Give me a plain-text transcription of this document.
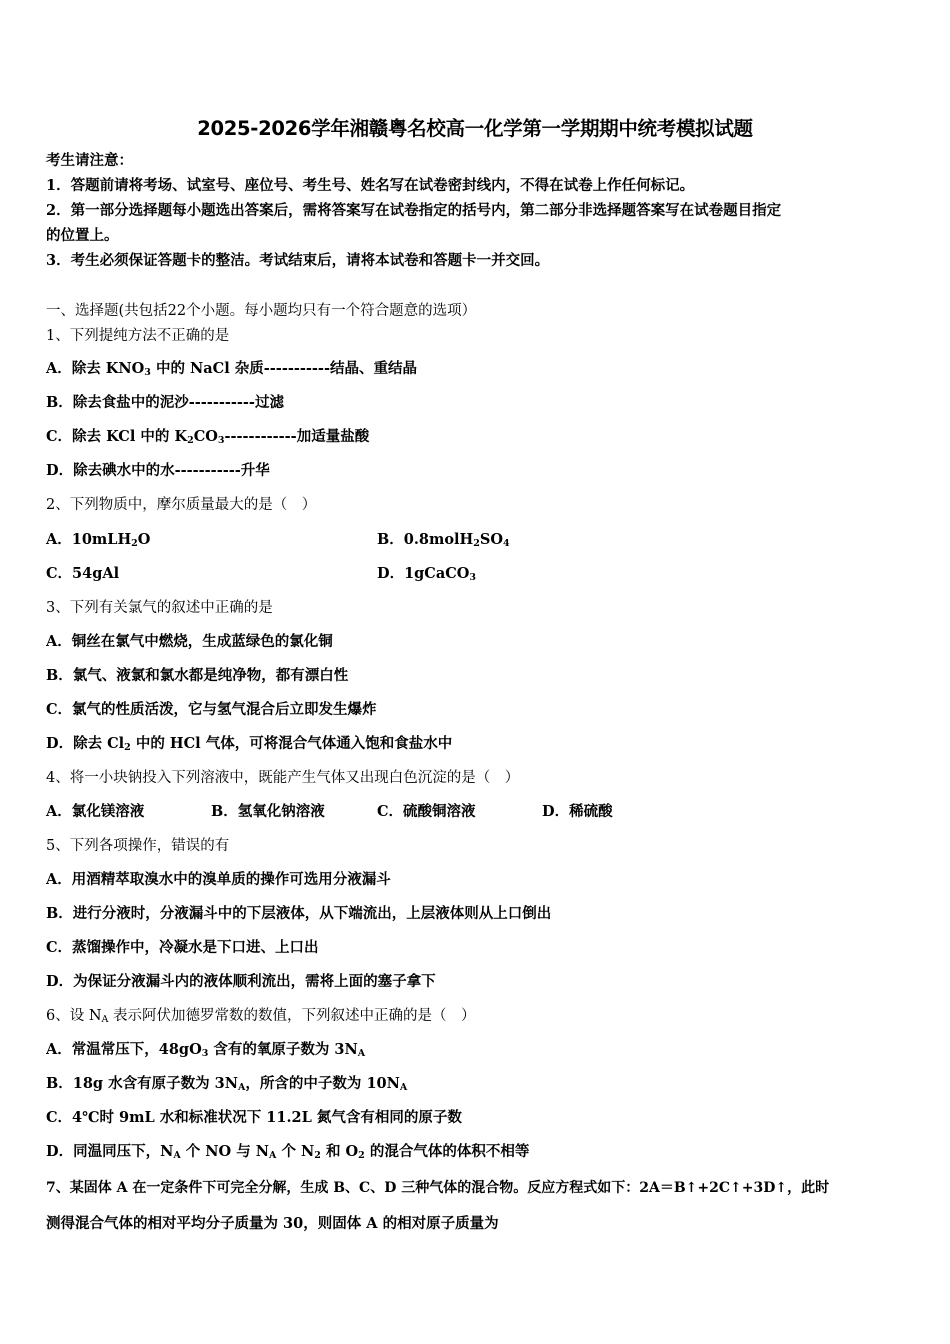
2025-2026学年湘赣粤名校高一化学第一学期期中统考模拟试题
考生请注意：
1．答题前请将考场、试室号、座位号、考生号、姓名写在试卷密封线内，不得在试卷上作任何标记。
2．第一部分选择题每小题选出答案后，需将答案写在试卷指定的括号内，第二部分非选择题答案写在试卷题目指定
的位置上。
3．考生必须保证答题卡的整洁。考试结束后，请将本试卷和答题卡一并交回。
一、选择题(共包括22个小题。每小题均只有一个符合题意的选项）
1、下列提纯方法不正确的是
A．除去 $KNO_3$ 中的 NaCl 杂质-----------结晶、重结晶
B．除去食盐中的泥沙-----------过滤
C．除去 KCl 中的 $K_2CO_3------------$加适量盐酸
D．除去碘水中的水-----------升华
2、下列物质中，摩尔质量最大的是（　）
A．10mLH$_2$O	B．$0.8molH_2SO_4$
C．54gAl	D．1gCaCO$_3$
3、下列有关氯气的叙述中正确的是
A．铜丝在氯气中燃烧，生成蓝绿色的氯化铜
B．氯气、液氯和氯水都是纯净物，都有漂白性
C．氯气的性质活泼，它与氢气混合后立即发生爆炸
D．除去 $Cl_2$ 中的 HCl 气体，可将混合气体通入饱和食盐水中
4、将一小块钠投入下列溶液中，既能产生气体又出现白色沉淀的是（　）
A．氯化镁溶液	B．氢氧化钠溶液	C．硫酸铜溶液	D．稀硫酸
5、下列各项操作，错误的有
A．用酒精萃取溴水中的溴单质的操作可选用分液漏斗
B．进行分液时，分液漏斗中的下层液体，从下端流出，上层液体则从上口倒出
C．蒸馏操作中，冷凝水是下口进、上口出
D．为保证分液漏斗内的液体顺利流出，需将上面的塞子拿下
6、设 $N_A$ 表示阿伏加德罗常数的数值，下列叙述中正确的是（　）
A．常温常压下，$48gO_3$ 含有的氧原子数为 $3N_A$
B．18g 水含有原子数为 $3N_A$，所含的中子数为 $10N_A$
C．4℃时 9mL 水和标准状况下 11.2L 氮气含有相同的原子数
D．同温同压下，$N_A$ 个 NO 与 $N_A$ 个 $N_2$ 和 $O_2$ 的混合气体的体积不相等
7、某固体 A 在一定条件下可完全分解，生成 B、C、D 三种气体的混合物。反应方程式如下：2A＝B↑+2C↑+3D↑，此时
测得混合气体的相对平均分子质量为 30，则固体 A 的相对原子质量为
